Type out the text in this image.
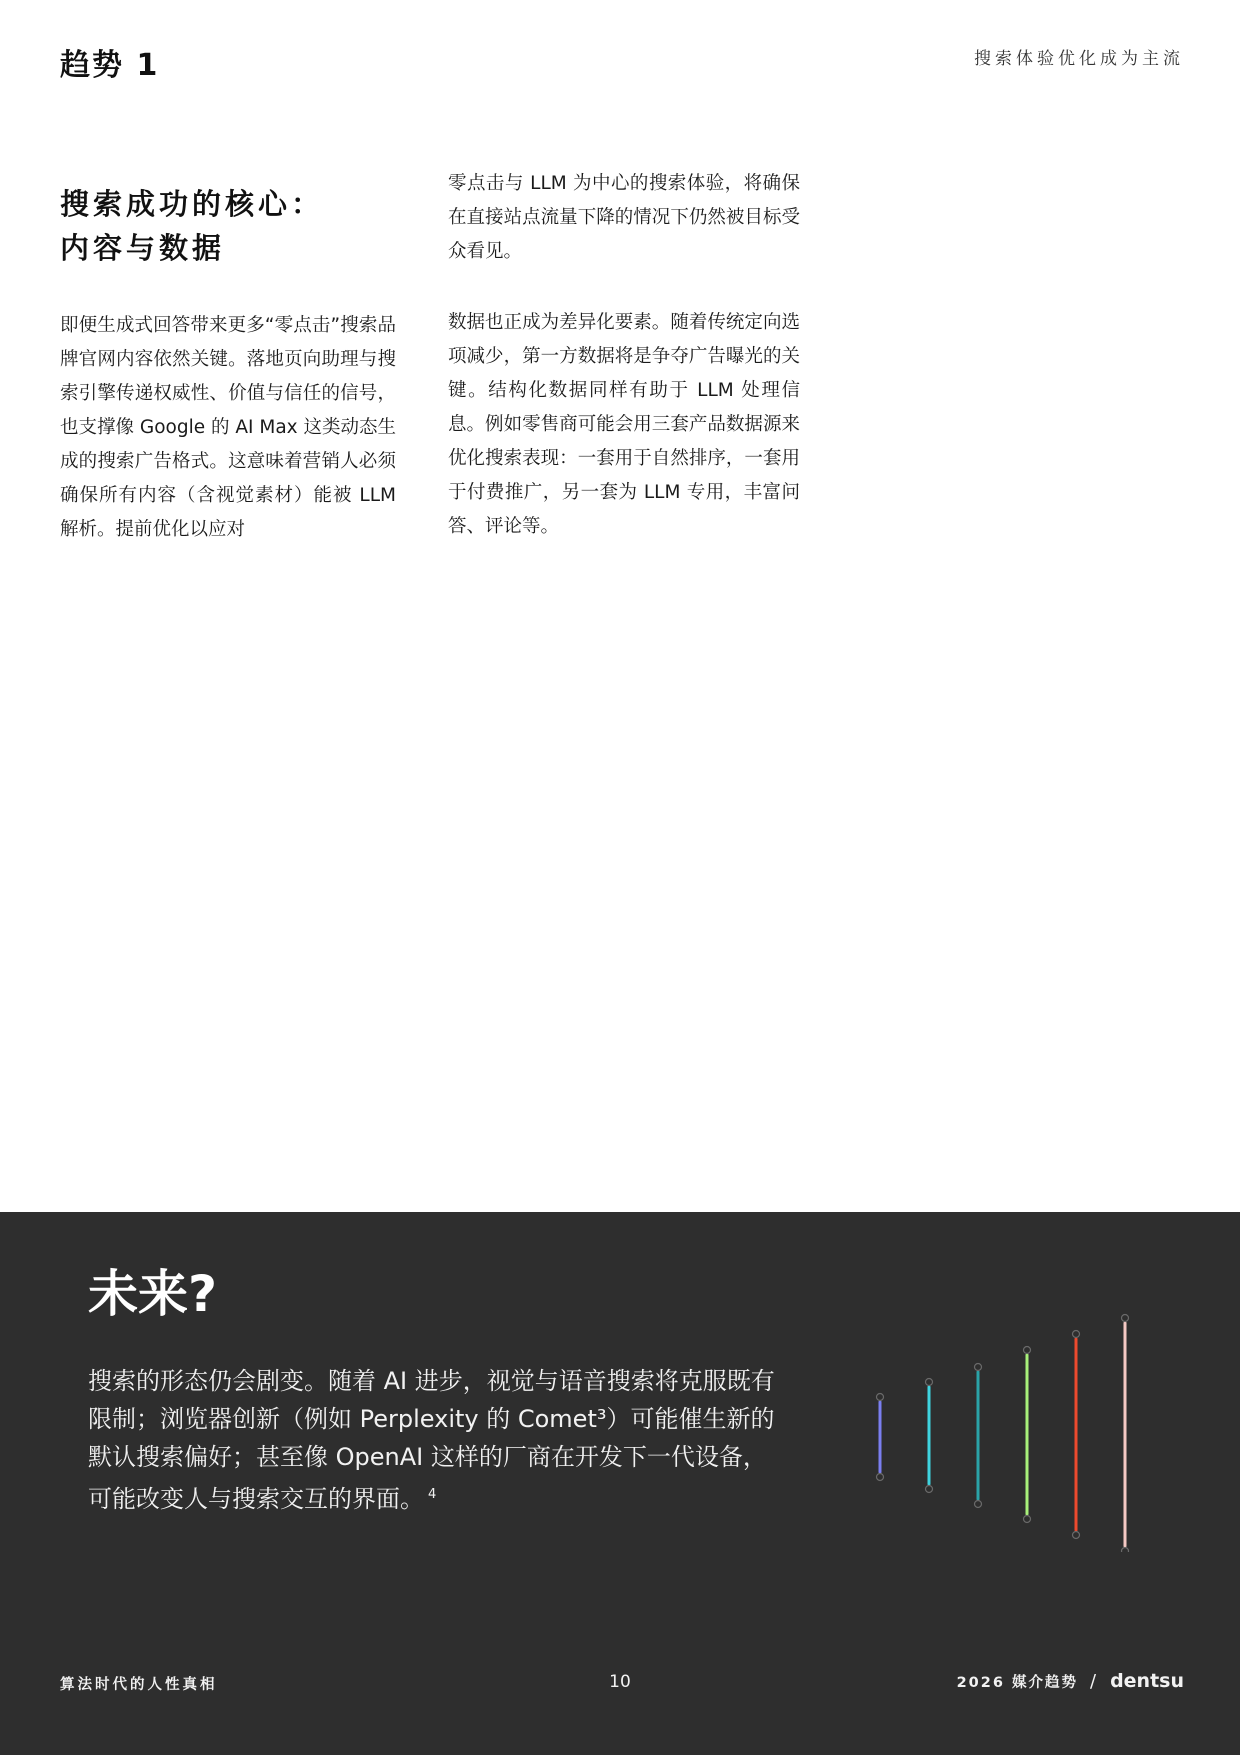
趋势 1	搜索体验优化成为主流
搜索成功的核心：
内容与数据
即便生成式回答带来更多“零点击”搜索品牌官网内容依然关键。落地页向助理与搜索引擎传递权威性、价值与信任的信号，也支撑像 Google 的 AI Max 这类动态生成的搜索广告格式。这意味着营销人必须确保所有内容（含视觉素材）能被 LLM 解析。提前优化以应对
零点击与 LLM 为中心的搜索体验，将确保在直接站点流量下降的情况下仍然被目标受众看见。
数据也正成为差异化要素。随着传统定向选项减少，第一方数据将是争夺广告曝光的关键。结构化数据同样有助于 LLM 处理信息。例如零售商可能会用三套产品数据源来优化搜索表现：一套用于自然排序，一套用于付费推广，另一套为 LLM 专用，丰富问答、评论等。
未来?
搜索的形态仍会剧变。随着 AI 进步，视觉与语音搜索将克服既有限制；浏览器创新（例如 Perplexity 的 Comet³）可能催生新的默认搜索偏好；甚至像 OpenAI 这样的厂商在开发下一代设备，可能改变人与搜索交互的界面。 $^4$
算法时代的人性真相	10	2026 媒介趋势 / dentsu
